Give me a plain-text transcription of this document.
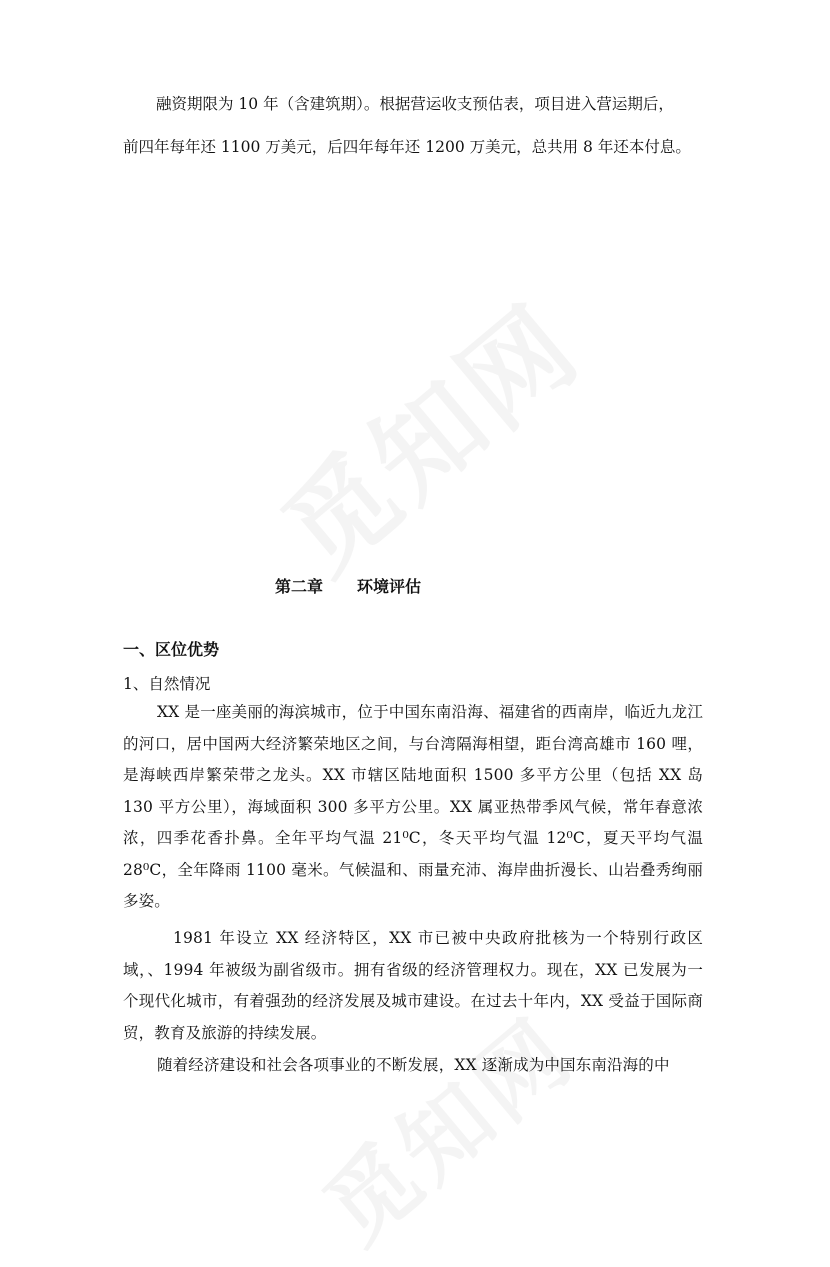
融资期限为 10 年（含建筑期）。根据营运收支预估表，项目进入营运期后，
前四年每年还 1100 万美元，后四年每年还 1200 万美元，总共用 8 年还本付息。
第二章 环境评估
一、区位优势
1、自然情况

XX 是一座美丽的海滨城市，位于中国东南沿海、福建省的西南岸，临近九龙江的河口，居中国两大经济繁荣地区之间，与台湾隔海相望，距台湾高雄市 160 哩，是海峡西岸繁荣带之龙头。XX 市辖区陆地面积 1500 多平方公里（包括 XX 岛 130 平方公里），海域面积 300 多平方公里。XX 属亚热带季风气候，常年春意浓浓，四季花香扑鼻。全年平均气温 21⁰C，冬天平均气温 12⁰C，夏天平均气温 28⁰C，全年降雨 1100 毫米。气候温和、雨量充沛、海岸曲折漫长、山岩叠秀绚丽多姿。

1981 年设立 XX 经济特区，XX 市已被中央政府批核为一个特别行政区域，、1994 年被级为副省级市。拥有省级的经济管理权力。现在，XX 已发展为一个现代化城市，有着强劲的经济发展及城市建设。在过去十年内，XX 受益于国际商贸，教育及旅游的持续发展。

随着经济建设和社会各项事业的不断发展，XX 逐渐成为中国东南沿海的中
